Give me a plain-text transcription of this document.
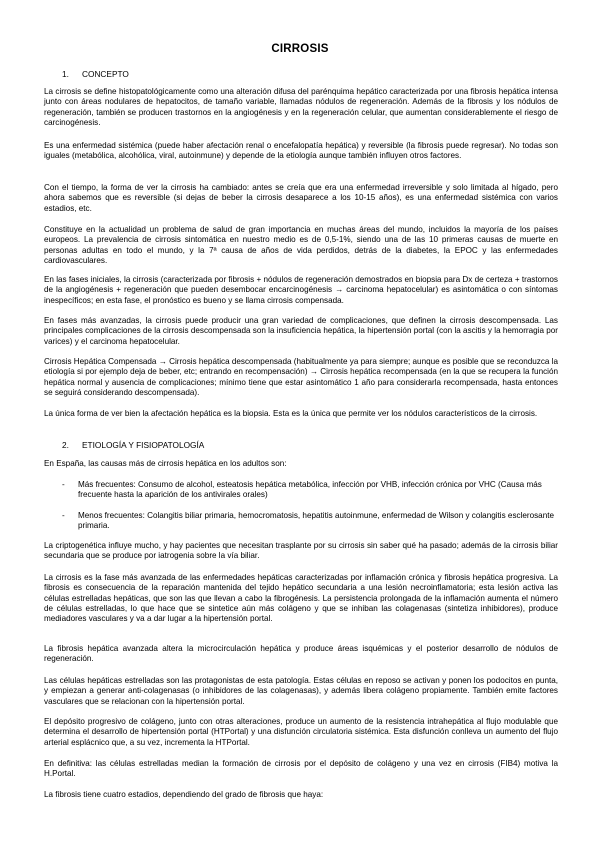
CIRROSIS
1. CONCEPTO

La cirrosis se define histopatológicamente como una alteración difusa del parénquima hepático caracterizada por una fibrosis hepática intensa junto con áreas nodulares de hepatocitos, de tamaño variable, llamadas nódulos de regeneración. Además de la fibrosis y los nódulos de regeneración, también se producen trastornos en la angiogénesis y en la regeneración celular, que aumentan considerablemente el riesgo de carcinogénesis.

Es una enfermedad sistémica (puede haber afectación renal o encefalopatía hepática) y reversible (la fibrosis puede regresar). No todas son iguales (metabólica, alcohólica, viral, autoinmune) y depende de la etiología aunque también influyen otros factores.

Con el tiempo, la forma de ver la cirrosis ha cambiado: antes se creía que era una enfermedad irreversible y solo limitada al hígado, pero ahora sabemos que es reversible (si dejas de beber la cirrosis desaparece a los 10-15 años), es una enfermedad sistémica con varios estadios, etc.

Constituye en la actualidad un problema de salud de gran importancia en muchas áreas del mundo, incluidos la mayoría de los países europeos. La prevalencia de cirrosis sintomática en nuestro medio es de 0,5-1%, siendo una de las 10 primeras causas de muerte en personas adultas en todo el mundo, y la 7ª causa de años de vida perdidos, detrás de la diabetes, la EPOC y las enfermedades cardiovasculares.

En las fases iniciales, la cirrosis (caracterizada por fibrosis + nódulos de regeneración demostrados en biopsia para Dx de certeza + trastornos de la angiogénesis + regeneración que pueden desembocar encarcinogénesis → carcinoma hepatocelular) es asintomática o con síntomas inespecíficos; en esta fase, el pronóstico es bueno y se llama cirrosis compensada.

En fases más avanzadas, la cirrosis puede producir una gran variedad de complicaciones, que definen la cirrosis descompensada. Las principales complicaciones de la cirrosis descompensada son la insuficiencia hepática, la hipertensión portal (con la ascitis y la hemorragia por varices) y el carcinoma hepatocelular.

Cirrosis Hepática Compensada → Cirrosis hepática descompensada (habitualmente ya para siempre; aunque es posible que se reconduzca la etiología si por ejemplo deja de beber, etc; entrando en recompensación) → Cirrosis hepática recompensada (en la que se recupera la función hepática normal y ausencia de complicaciones; mínimo tiene que estar asintomático 1 año para considerarla recompensada, hasta entonces se seguirá considerando descompensada).

La única forma de ver bien la afectación hepática es la biopsia. Esta es la única que permite ver los nódulos característicos de la cirrosis.

2. ETIOLOGÍA Y FISIOPATOLOGÍA

En España, las causas más de cirrosis hepática en los adultos son:

- Más frecuentes: Consumo de alcohol, esteatosis hepática metabólica, infección por VHB, infección crónica por VHC (Causa más frecuente hasta la aparición de los antivirales orales)
- Menos frecuentes: Colangitis biliar primaria, hemocromatosis, hepatitis autoinmune, enfermedad de Wilson y colangitis esclerosante primaria.

La criptogenética influye mucho, y hay pacientes que necesitan trasplante por su cirrosis sin saber qué ha pasado; además de la cirrosis biliar secundaria que se produce por iatrogenia sobre la vía biliar.

La cirrosis es la fase más avanzada de las enfermedades hepáticas caracterizadas por inflamación crónica y fibrosis hepática progresiva. La fibrosis es consecuencia de la reparación mantenida del tejido hepático secundaria a una lesión necroinflamatoria; esta lesión activa las células estrelladas hepáticas, que son las que llevan a cabo la fibrogénesis. La persistencia prolongada de la inflamación aumenta el número de células estrelladas, lo que hace que se sintetice aún más colágeno y que se inhiban las colagenasas (sintetiza inhibidores), produce mediadores vasculares y va a dar lugar a la hipertensión portal.

La fibrosis hepática avanzada altera la microcirculación hepática y produce áreas isquémicas y el posterior desarrollo de nódulos de regeneración.

Las células hepáticas estrelladas son las protagonistas de esta patología. Estas células en reposo se activan y ponen los podocitos en punta, y empiezan a generar anti-colagenasas (o inhibidores de las colagenasas), y además libera colágeno propiamente. También emite factores vasculares que se relacionan con la hipertensión portal.

El depósito progresivo de colágeno, junto con otras alteraciones, produce un aumento de la resistencia intrahepática al flujo modulable que determina el desarrollo de hipertensión portal (HTPortal) y una disfunción circulatoria sistémica. Esta disfunción conlleva un aumento del flujo arterial esplácnico que, a su vez, incrementa la HTPortal.

En definitiva: las células estrelladas median la formación de cirrosis por el depósito de colágeno y una vez en cirrosis (FIB4) motiva la H.Portal.

La fibrosis tiene cuatro estadios, dependiendo del grado de fibrosis que haya:
